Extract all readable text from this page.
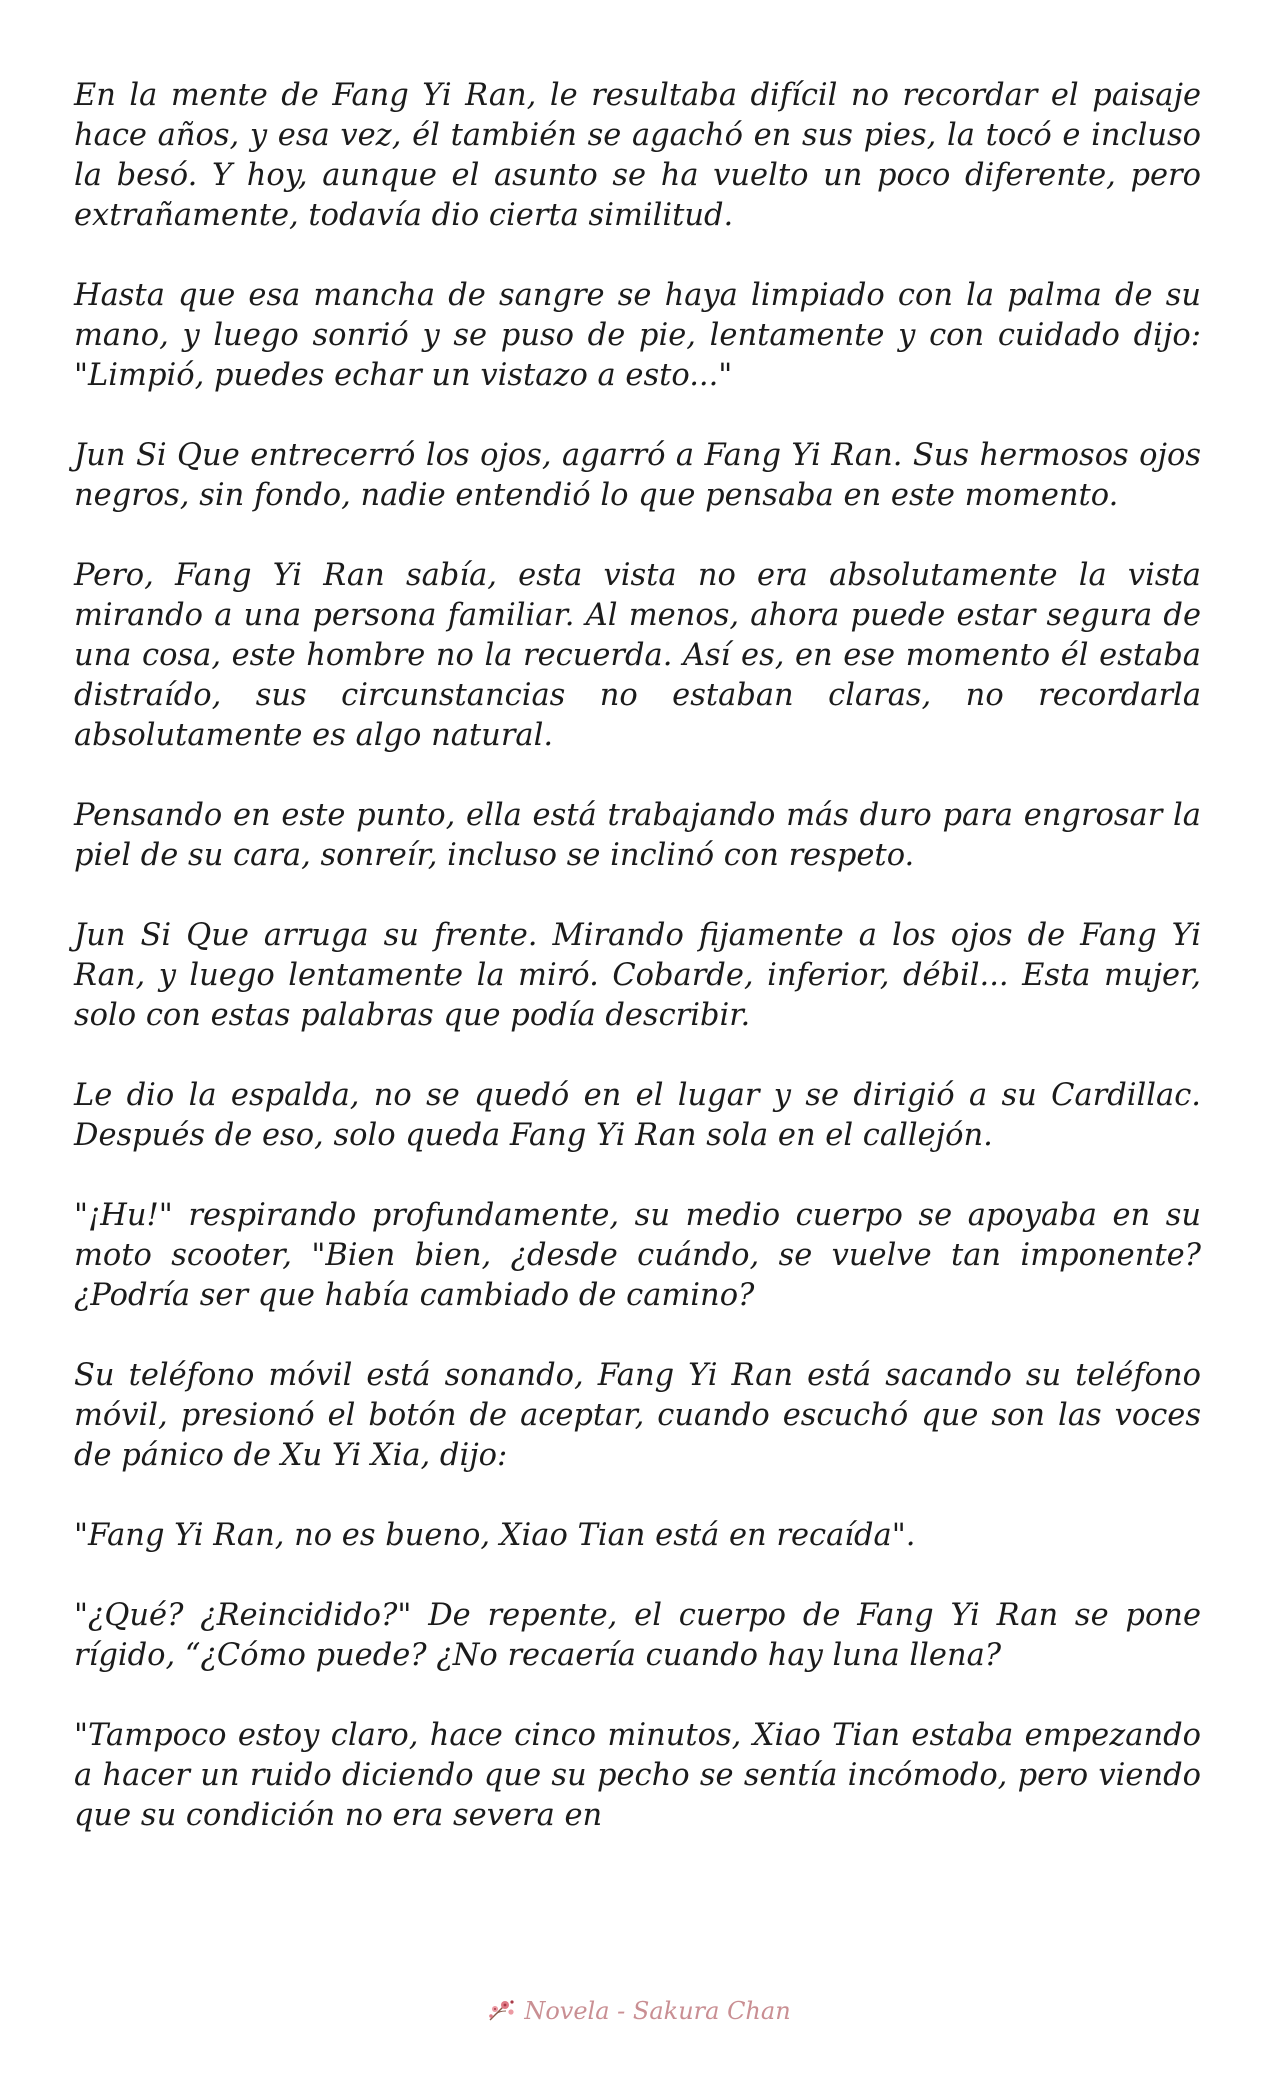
En la mente de Fang Yi Ran, le resultaba difícil no recordar el paisaje hace años, y esa vez, él también se agachó en sus pies, la tocó e incluso la besó. Y hoy, aunque el asunto se ha vuelto un poco diferente, pero extrañamente, todavía dio cierta similitud.

Hasta que esa mancha de sangre se haya limpiado con la palma de su mano, y luego sonrió y se puso de pie, lentamente y con cuidado dijo: "Limpió, puedes echar un vistazo a esto..."

Jun Si Que entrecerró los ojos, agarró a Fang Yi Ran. Sus hermosos ojos negros, sin fondo, nadie entendió lo que pensaba en este momento.

Pero, Fang Yi Ran sabía, esta vista no era absolutamente la vista mirando a una persona familiar. Al menos, ahora puede estar segura de una cosa, este hombre no la recuerda. Así es, en ese momento él estaba distraído, sus circunstancias no estaban claras, no recordarla absolutamente es algo natural.

Pensando en este punto, ella está trabajando más duro para engrosar la piel de su cara, sonreír, incluso se inclinó con respeto.

Jun Si Que arruga su frente. Mirando fijamente a los ojos de Fang Yi Ran, y luego lentamente la miró. Cobarde, inferior, débil... Esta mujer, solo con estas palabras que podía describir.

Le dio la espalda, no se quedó en el lugar y se dirigió a su Cardillac. Después de eso, solo queda Fang Yi Ran sola en el callejón.

"¡Hu!" respirando profundamente, su medio cuerpo se apoyaba en su moto scooter, "Bien bien, ¿desde cuándo, se vuelve tan imponente? ¿Podría ser que había cambiado de camino?

Su teléfono móvil está sonando, Fang Yi Ran está sacando su teléfono móvil, presionó el botón de aceptar, cuando escuchó que son las voces de pánico de Xu Yi Xia, dijo:

"Fang Yi Ran, no es bueno, Xiao Tian está en recaída".

"¿Qué? ¿Reincidido?" De repente, el cuerpo de Fang Yi Ran se pone rígido, “¿Cómo puede? ¿No recaería cuando hay luna llena?

"Tampoco estoy claro, hace cinco minutos, Xiao Tian estaba empezando a hacer un ruido diciendo que su pecho se sentía incómodo, pero viendo que su condición no era severa en

Novela - Sakura Chan
